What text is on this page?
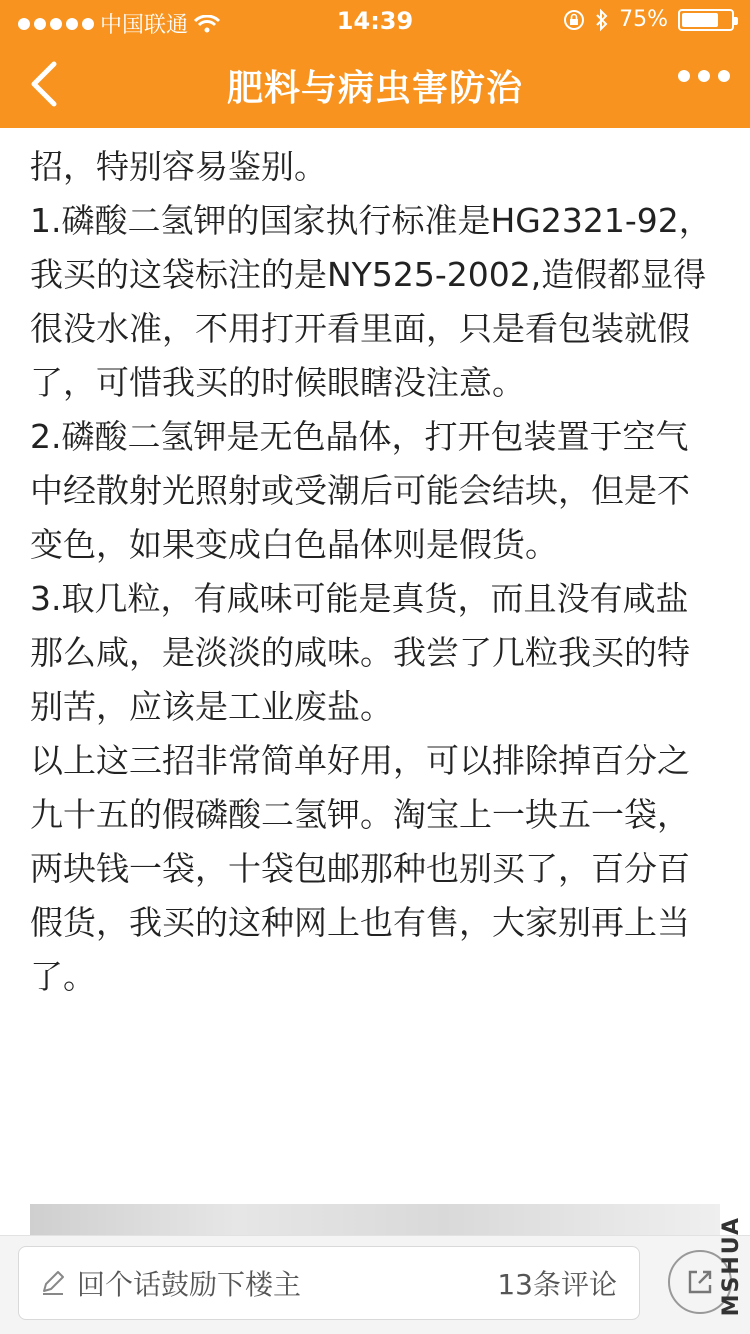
中国联通	14:39	75%
肥料与病虫害防治

招，特别容易鉴别。

1.磷酸二氢钾的国家执行标准是HG2321-92，我买的这袋标注的是NY525-2002,造假都显得很没水准，不用打开看里面，只是看包装就假了，可惜我买的时候眼瞎没注意。

2.磷酸二氢钾是无色晶体，打开包装置于空气中经散射光照射或受潮后可能会结块，但是不变色，如果变成白色晶体则是假货。

3.取几粒，有咸味可能是真货，而且没有咸盐那么咸，是淡淡的咸味。我尝了几粒我买的特别苦，应该是工业废盐。

以上这三招非常简单好用，可以排除掉百分之九十五的假磷酸二氢钾。淘宝上一块五一袋，两块钱一袋，十袋包邮那种也别买了，百分百假货，我买的这种网上也有售，大家别再上当了。

回个话鼓励下楼主	13条评论	MSHUA
